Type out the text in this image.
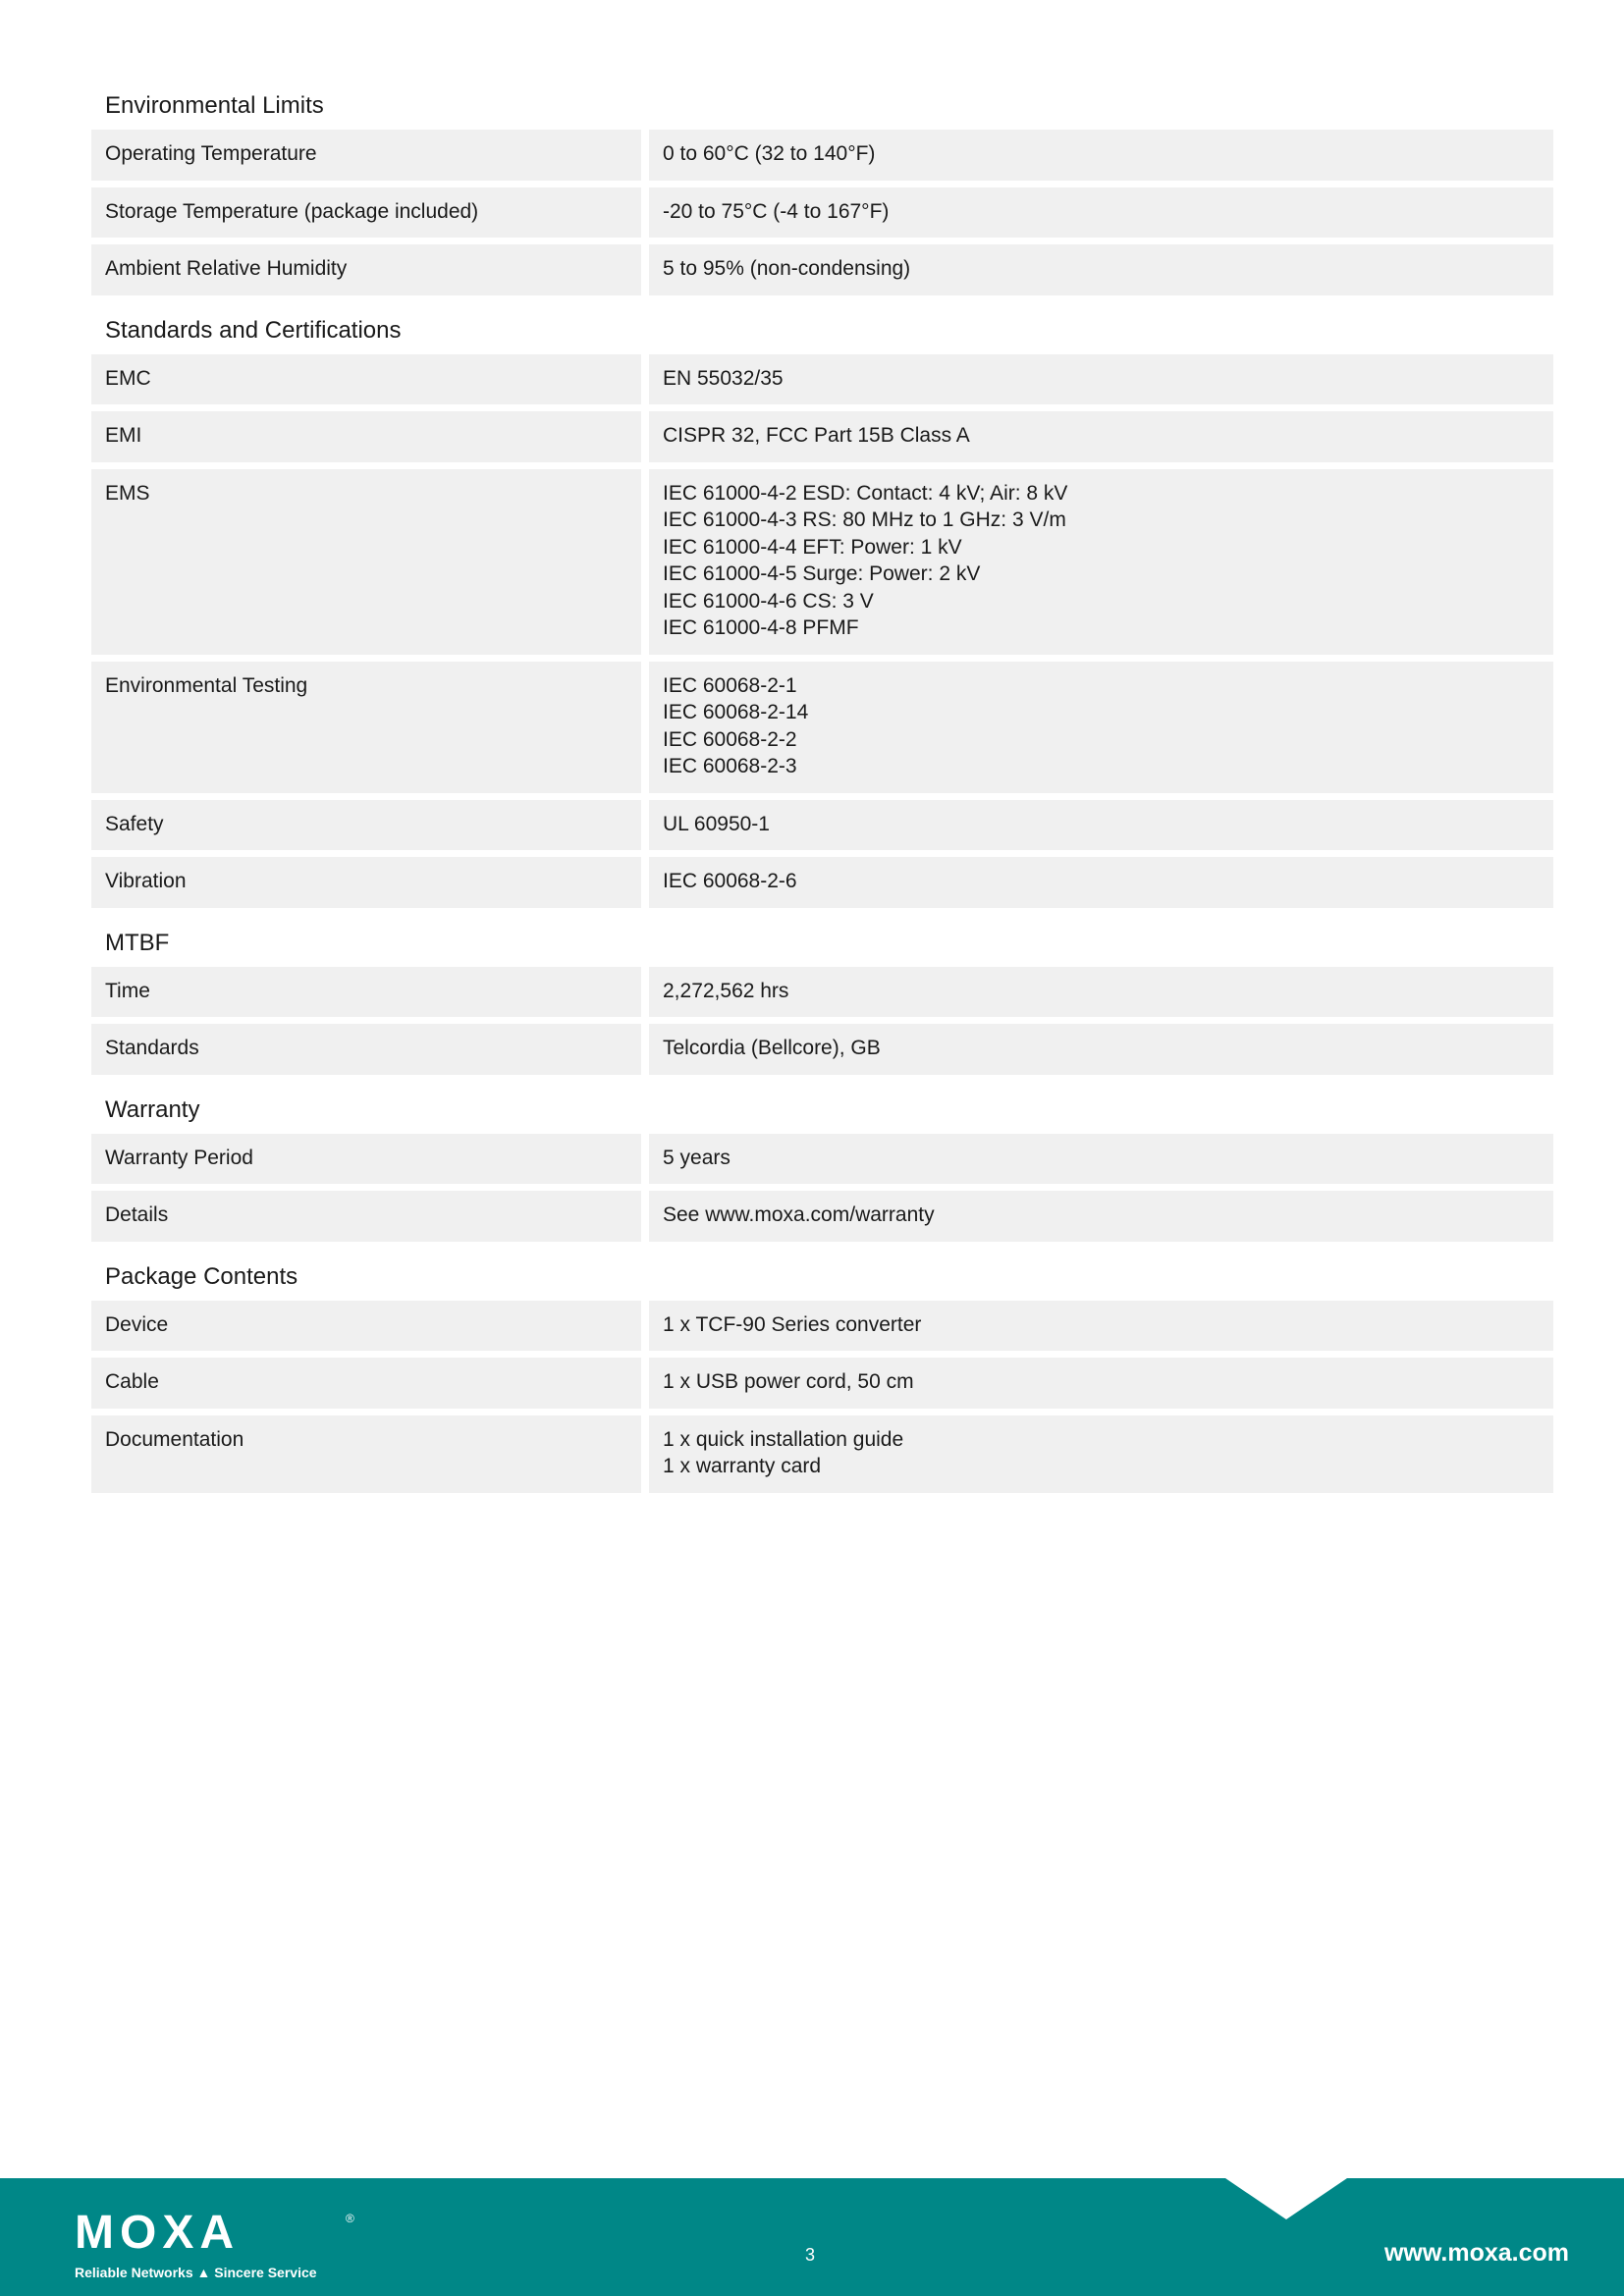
Environmental Limits
Operating Temperature	0 to 60°C (32 to 140°F)
Storage Temperature (package included)	-20 to 75°C (-4 to 167°F)
Ambient Relative Humidity	5 to 95% (non-condensing)
Standards and Certifications
EMC	EN 55032/35
EMI	CISPR 32, FCC Part 15B Class A
EMS	IEC 61000-4-2 ESD: Contact: 4 kV; Air: 8 kV
IEC 61000-4-3 RS: 80 MHz to 1 GHz: 3 V/m
IEC 61000-4-4 EFT: Power: 1 kV
IEC 61000-4-5 Surge: Power: 2 kV
IEC 61000-4-6 CS: 3 V
IEC 61000-4-8 PFMF
Environmental Testing	IEC 60068-2-1
IEC 60068-2-14
IEC 60068-2-2
IEC 60068-2-3
Safety	UL 60950-1
Vibration	IEC 60068-2-6
MTBF
Time	2,272,562 hrs
Standards	Telcordia (Bellcore), GB
Warranty
Warranty Period	5 years
Details	See www.moxa.com/warranty
Package Contents
Device	1 x TCF-90 Series converter
Cable	1 x USB power cord, 50 cm
Documentation	1 x quick installation guide
1 x warranty card
MOXA	®
Reliable Networks ▲ Sincere Service
3	www.moxa.com
